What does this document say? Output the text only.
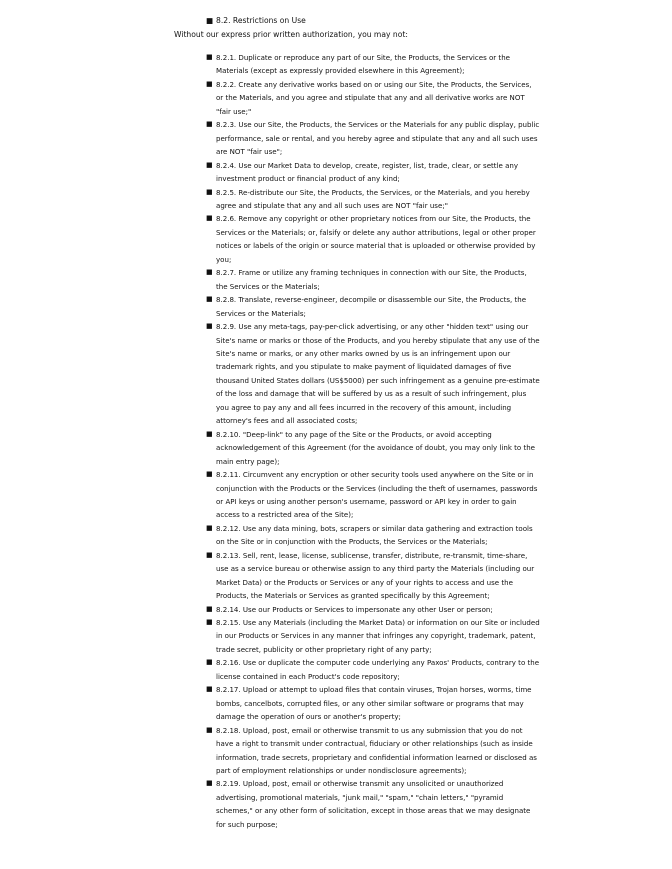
■ 8.2. Restrictions on Use
Without our express prior written authorization, you may not:
■ 8.2.1. Duplicate or reproduce any part of our Site, the Products, the Services or the Materials (except as expressly provided elsewhere in this Agreement);
■ 8.2.2. Create any derivative works based on or using our Site, the Products, the Services, or the Materials, and you agree and stipulate that any and all derivative works are NOT "fair use;"
■ 8.2.3. Use our Site, the Products, the Services or the Materials for any public display, public performance, sale or rental, and you hereby agree and stipulate that any and all such uses are NOT "fair use";
■ 8.2.4. Use our Market Data to develop, create, register, list, trade, clear, or settle any investment product or financial product of any kind;
■ 8.2.5. Re-distribute our Site, the Products, the Services, or the Materials, and you hereby agree and stipulate that any and all such uses are NOT "fair use;"
■ 8.2.6. Remove any copyright or other proprietary notices from our Site, the Products, the Services or the Materials; or, falsify or delete any author attributions, legal or other proper notices or labels of the origin or source material that is uploaded or otherwise provided by you;
■ 8.2.7. Frame or utilize any framing techniques in connection with our Site, the Products, the Services or the Materials;
■ 8.2.8. Translate, reverse-engineer, decompile or disassemble our Site, the Products, the Services or the Materials;
■ 8.2.9. Use any meta-tags, pay-per-click advertising, or any other "hidden text" using our Site's name or marks or those of the Products, and you hereby stipulate that any use of the Site's name or marks, or any other marks owned by us is an infringement upon our trademark rights, and you stipulate to make payment of liquidated damages of five thousand United States dollars (US$5000) per such infringement as a genuine pre-estimate of the loss and damage that will be suffered by us as a result of such infringement, plus you agree to pay any and all fees incurred in the recovery of this amount, including attorney's fees and all associated costs;
■ 8.2.10. "Deep-link" to any page of the Site or the Products, or avoid accepting acknowledgement of this Agreement (for the avoidance of doubt, you may only link to the main entry page);
■ 8.2.11. Circumvent any encryption or other security tools used anywhere on the Site or in conjunction with the Products or the Services (including the theft of usernames, passwords or API keys or using another person's username, password or API key in order to gain access to a restricted area of the Site);
■ 8.2.12. Use any data mining, bots, scrapers or similar data gathering and extraction tools on the Site or in conjunction with the Products, the Services or the Materials;
■ 8.2.13. Sell, rent, lease, license, sublicense, transfer, distribute, re-transmit, time-share, use as a service bureau or otherwise assign to any third party the Materials (including our Market Data) or the Products or Services or any of your rights to access and use the Products, the Materials or Services as granted specifically by this Agreement;
■ 8.2.14. Use our Products or Services to impersonate any other User or person;
■ 8.2.15. Use any Materials (including the Market Data) or information on our Site or included in our Products or Services in any manner that infringes any copyright, trademark, patent, trade secret, publicity or other proprietary right of any party;
■ 8.2.16. Use or duplicate the computer code underlying any Paxos' Products, contrary to the license contained in each Product's code repository;
■ 8.2.17. Upload or attempt to upload files that contain viruses, Trojan horses, worms, time bombs, cancelbots, corrupted files, or any other similar software or programs that may damage the operation of ours or another's property;
■ 8.2.18. Upload, post, email or otherwise transmit to us any submission that you do not have a right to transmit under contractual, fiduciary or other relationships (such as inside information, trade secrets, proprietary and confidential information learned or disclosed as part of employment relationships or under nondisclosure agreements);
■ 8.2.19. Upload, post, email or otherwise transmit any unsolicited or unauthorized advertising, promotional materials, "junk mail," "spam," "chain letters," "pyramid schemes," or any other form of solicitation, except in those areas that we may designate for such purpose;
